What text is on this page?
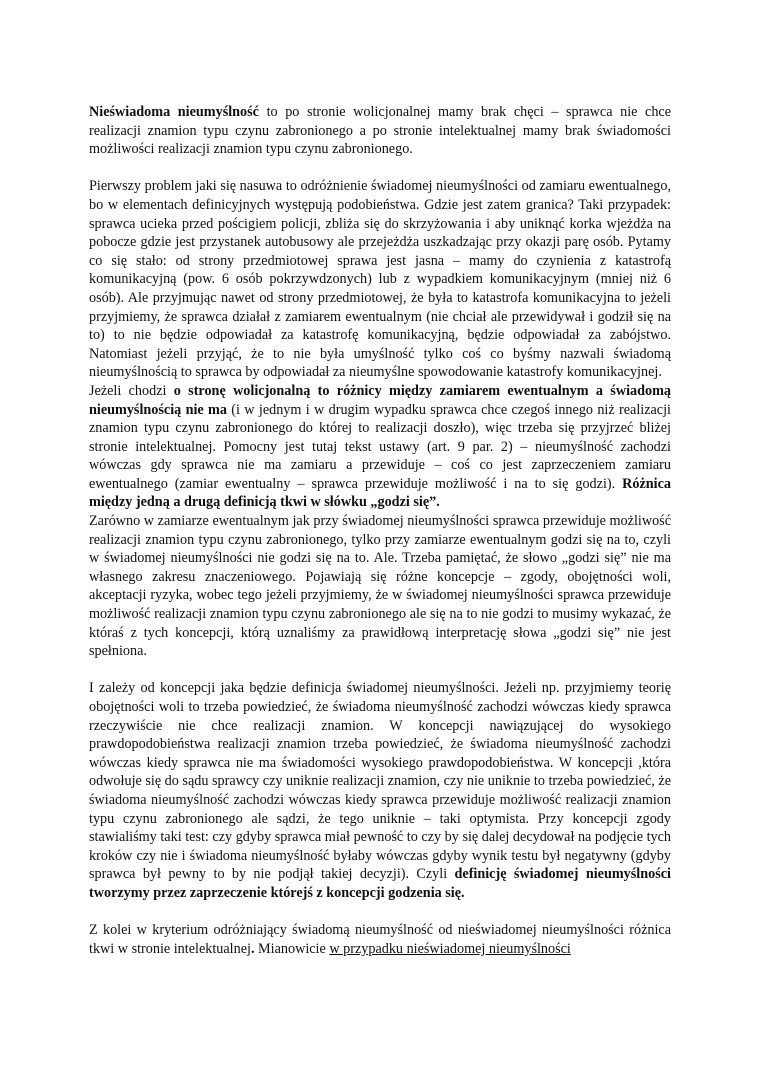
Nieświadoma nieumyślność to po stronie wolicjonalnej mamy brak chęci – sprawca nie chce realizacji znamion typu czynu zabronionego a po stronie intelektualnej mamy brak świadomości możliwości realizacji znamion typu czynu zabronionego.

Pierwszy problem jaki się nasuwa to odróżnienie świadomej nieumyślności od zamiaru ewentualnego, bo w elementach definicyjnych występują podobieństwa. Gdzie jest zatem granica? Taki przypadek: sprawca ucieka przed pościgiem policji, zbliża się do skrzyżowania i aby uniknąć korka wjeżdża na pobocze gdzie jest przystanek autobusowy ale przejeżdża uszkadzając przy okazji parę osób. Pytamy co się stało: od strony przedmiotowej sprawa jest jasna – mamy do czynienia z katastrofą komunikacyjną (pow. 6 osób pokrzywdzonych) lub z wypadkiem komunikacyjnym (mniej niż 6 osób). Ale przyjmując nawet od strony przedmiotowej, że była to katastrofa komunikacyjna to jeżeli przyjmiemy, że sprawca działał z zamiarem ewentualnym (nie chciał ale przewidywał i godził się na to) to nie będzie odpowiadał za katastrofę komunikacyjną, będzie odpowiadał za zabójstwo. Natomiast jeżeli przyjąć, że to nie była umyślność tylko coś co byśmy nazwali świadomą nieumyślnością to sprawca by odpowiadał za nieumyślne spowodowanie katastrofy komunikacyjnej.

Jeżeli chodzi o stronę wolicjonalną to różnicy między zamiarem ewentualnym a świadomą nieumyślnością nie ma (i w jednym i w drugim wypadku sprawca chce czegoś innego niż realizacji znamion typu czynu zabronionego do której to realizacji doszło), więc trzeba się przyjrzeć bliżej stronie intelektualnej. Pomocny jest tutaj tekst ustawy (art. 9 par. 2) – nieumyślność zachodzi wówczas gdy sprawca nie ma zamiaru a przewiduje – coś co jest zaprzeczeniem zamiaru ewentualnego (zamiar ewentualny – sprawca przewiduje możliwość i na to się godzi). Różnica między jedną a drugą definicją tkwi w słówku „godzi się”.

Zarówno w zamiarze ewentualnym jak przy świadomej nieumyślności sprawca przewiduje możliwość realizacji znamion typu czynu zabronionego, tylko przy zamiarze ewentualnym godzi się na to, czyli w świadomej nieumyślności nie godzi się na to. Ale. Trzeba pamiętać, że słowo „godzi się” nie ma własnego zakresu znaczeniowego. Pojawiają się różne koncepcje – zgody, obojętności woli, akceptacji ryzyka, wobec tego jeżeli przyjmiemy, że w świadomej nieumyślności sprawca przewiduje możliwość realizacji znamion typu czynu zabronionego ale się na to nie godzi to musimy wykazać, że któraś z tych koncepcji, którą uznaliśmy za prawidłową interpretację słowa „godzi się” nie jest spełniona.

I zależy od koncepcji jaka będzie definicja świadomej nieumyślności. Jeżeli np. przyjmiemy teorię obojętności woli to trzeba powiedzieć, że świadoma nieumyślność zachodzi wówczas kiedy sprawca rzeczywiście nie chce realizacji znamion. W koncepcji nawiązującej do wysokiego prawdopodobieństwa realizacji znamion trzeba powiedzieć, że świadoma nieumyślność zachodzi wówczas kiedy sprawca nie ma świadomości wysokiego prawdopodobieństwa. W koncepcji ,która odwołuje się do sądu sprawcy czy uniknie realizacji znamion, czy nie uniknie to trzeba powiedzieć, że świadoma nieumyślność zachodzi wówczas kiedy sprawca przewiduje możliwość realizacji znamion typu czynu zabronionego ale sądzi, że tego uniknie – taki optymista. Przy koncepcji zgody stawialiśmy taki test: czy gdyby sprawca miał pewność to czy by się dalej decydował na podjęcie tych kroków czy nie i świadoma nieumyślność byłaby wówczas gdyby wynik testu był negatywny (gdyby sprawca był pewny to by nie podjął takiej decyzji). Czyli definicję świadomej nieumyślności tworzymy przez zaprzeczenie którejś z koncepcji godzenia się.

Z kolei w kryterium odróżniający świadomą nieumyślność od nieświadomej nieumyślności różnica tkwi w stronie intelektualnej. Mianowicie w przypadku nieświadomej nieumyślności
